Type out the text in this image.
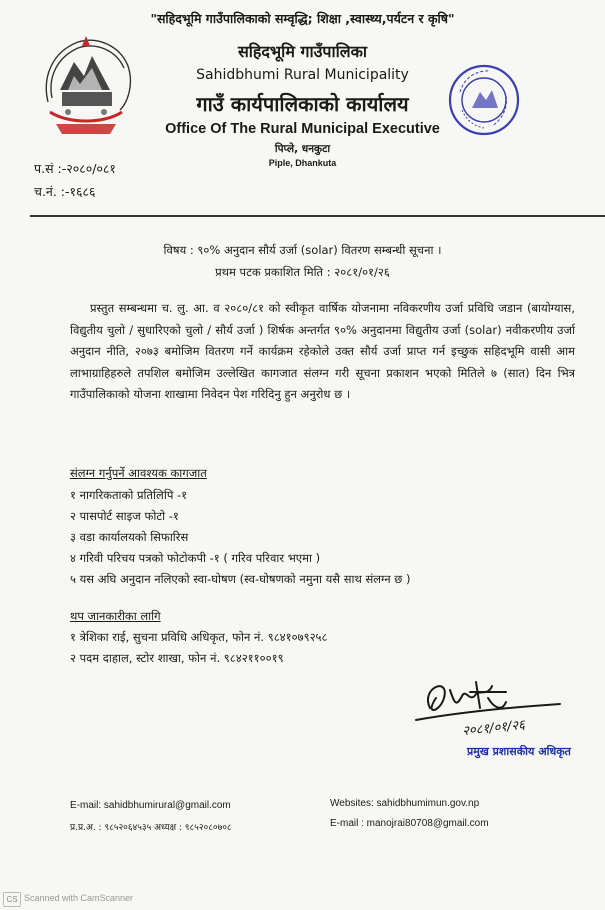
"सहिदभूमि गाउँपालिकाको सम्वृद्धि; शिक्षा ,स्वास्थ्य,पर्यटन र कृषि"
सहिदभूमि गाउँपालिका
Sahidbhumi Rural Municipality
गाउँ कार्यपालिकाको कार्यालय
Office Of The Rural Municipal Executive
पिप्ले, धनकुटा
Piple, Dhankuta
प.सं :-२०८०/०८१
च.नं. :-१६८६
विषय : ९०% अनुदान सौर्य उर्जा (solar) वितरण सम्बन्धी सूचना ।
प्रथम पटक प्रकाशित मिति : २०८१/०१/२६
प्रस्तुत सम्बन्धमा च. लु. आ. व २०८०/८१ को स्वीकृत वार्षिक योजनामा नविकरणीय उर्जा प्रविधि जडान (बायोग्यास, विद्युतीय चुलो / सुधारिएको चुलो / सौर्य उर्जा ) शिर्षक अन्तर्गत ९०% अनुदानमा विद्युतीय उर्जा (solar) नवीकरणीय उर्जा अनुदान नीति, २०७३ बमोजिम वितरण गर्ने कार्यक्रम रहेकोले उक्त सौर्य उर्जा प्राप्त गर्न इच्छुक सहिदभूमि वासी आम लाभाग्राहिहरुले तपशिल बमोजिम उल्लेखित कागजात संलग्न गरी सूचना प्रकाशन भएको मितिले ७ (सात) दिन भित्र गाउँपालिकाको योजना शाखामा निवेदन पेश गरिदिनु हुन अनुरोध छ ।
संलग्न गर्नुपर्ने आवश्यक कागजात
१ नागरिकताको प्रतिलिपि -१
२ पासपोर्ट साइज फोटो -१
३ वडा कार्यालयको सिफारिस
४ गरिवी परिचय पत्रको फोटोकपी -१ ( गरिव परिवार भएमा )
५ यस अघि अनुदान नलिएको स्वा-घोषण (स्व-घोषणको नमुना यसै साथ संलग्न छ )
थप जानकारीका लागि
१ त्रेशिका राई, सुचना प्रविधि अधिकृत, फोन नं. ९८४१०७९२५८
२ पदम दाहाल, स्टोर शाखा, फोन नं. ९८४२११००१९
२०८१/०१/२६
प्रमुख प्रशासकीय अधिकृत
E-mail: sahidbhumirural@gmail.com	Websites: sahidbhumimun.gov.np
प्र.प्र.अ. : ९८५२०६४५३५ अध्यक्ष : ९८५२०८०७०८	E-mail : manojrai80708@gmail.com
CS Scanned with CamScanner
